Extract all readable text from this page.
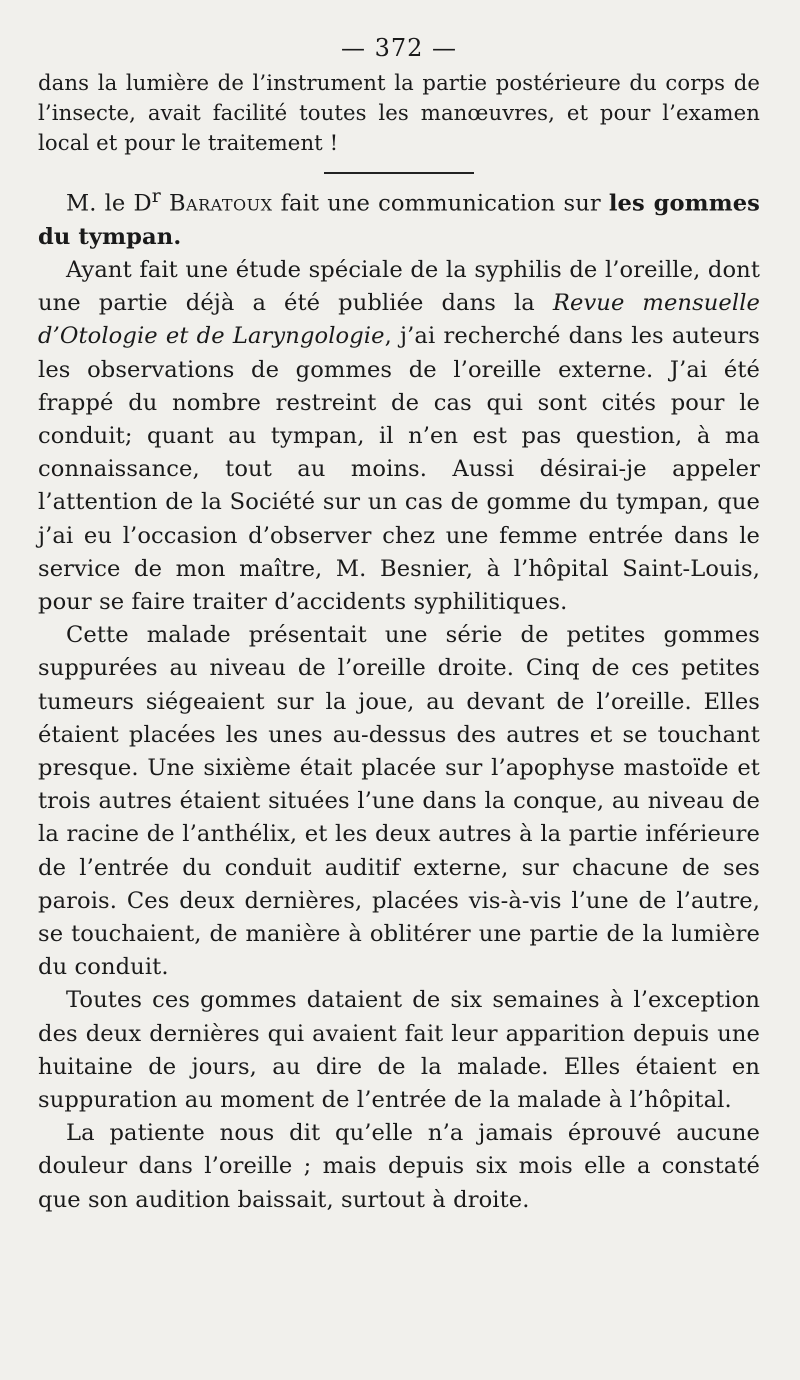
— 372 —

dans la lumière de l’instrument la partie postérieure du corps de l’insecte, avait facilité toutes les manœuvres, et pour l’examen local et pour le traitement !

M. le $D^r$ Baratoux fait une communication sur les gommes du tympan.

Ayant fait une étude spéciale de la syphilis de l’oreille, dont une partie déjà a été publiée dans la Revue mensuelle d’Otologie et de Laryngologie, j’ai recherché dans les auteurs les observations de gommes de l’oreille externe. J’ai été frappé du nombre restreint de cas qui sont cités pour le conduit; quant au tympan, il n’en est pas question, à ma connaissance, tout au moins. Aussi désirai-je appeler l’attention de la Société sur un cas de gomme du tympan, que j’ai eu l’occasion d’observer chez une femme entrée dans le service de mon maître, M. Besnier, à l’hôpital Saint-Louis, pour se faire traiter d’accidents syphilitiques.

Cette malade présentait une série de petites gommes suppurées au niveau de l’oreille droite. Cinq de ces petites tumeurs siégeaient sur la joue, au devant de l’oreille. Elles étaient placées les unes au-dessus des autres et se touchant presque. Une sixième était placée sur l’apophyse mastoïde et trois autres étaient situées l’une dans la conque, au niveau de la racine de l’anthélix, et les deux autres à la partie inférieure de l’entrée du conduit auditif externe, sur chacune de ses parois. Ces deux dernières, placées vis-à-vis l’une de l’autre, se touchaient, de manière à oblitérer une partie de la lumière du conduit.

Toutes ces gommes dataient de six semaines à l’exception des deux dernières qui avaient fait leur apparition depuis une huitaine de jours, au dire de la malade. Elles étaient en suppuration au moment de l’entrée de la malade à l’hôpital.

La patiente nous dit qu’elle n’a jamais éprouvé aucune douleur dans l’oreille ; mais depuis six mois elle a constaté que son audition baissait, surtout à droite.
